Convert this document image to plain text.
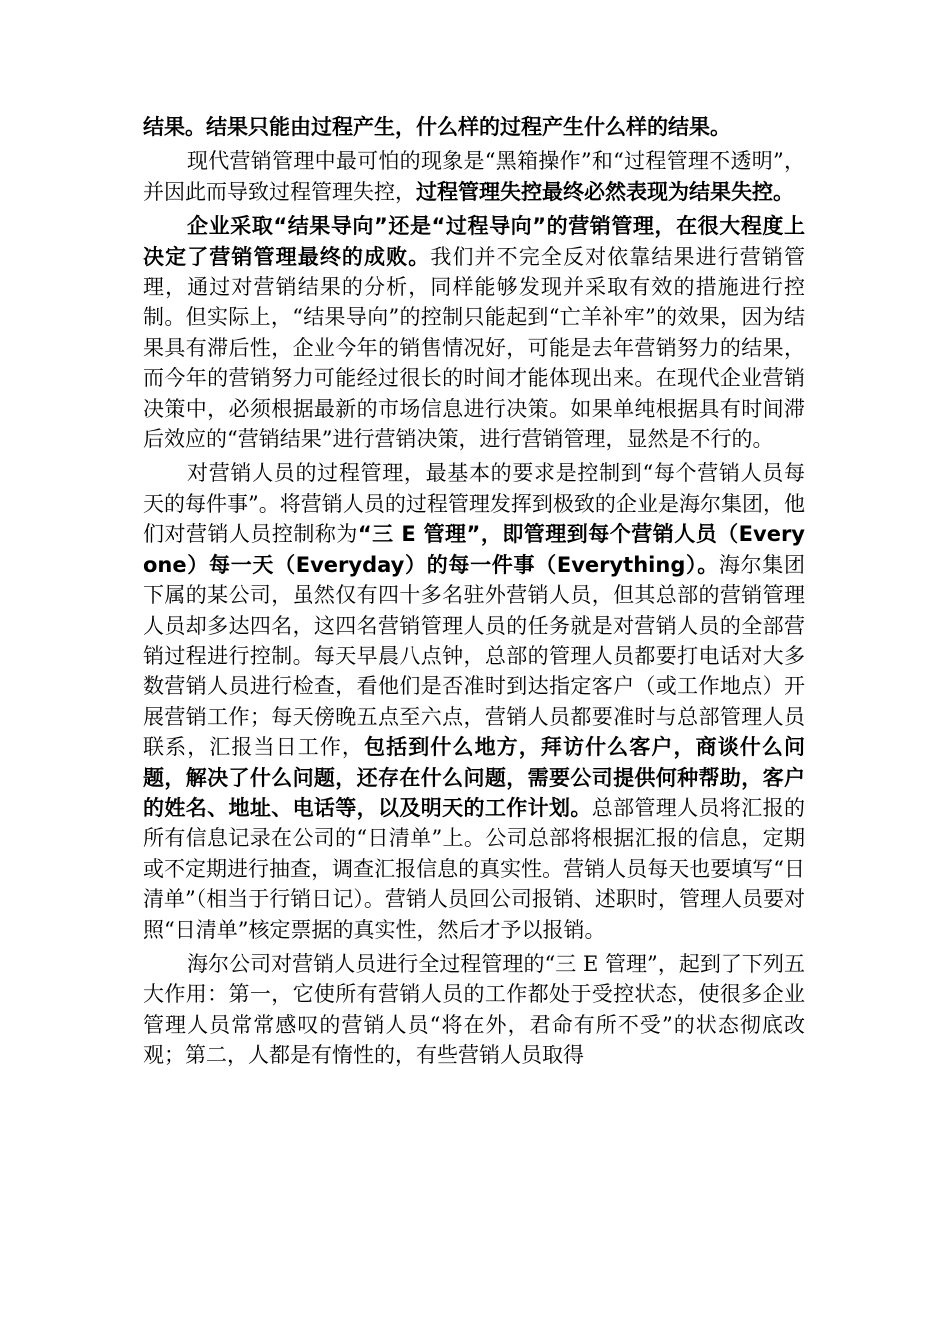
结果。结果只能由过程产生，什么样的过程产生什么样的结果。

现代营销管理中最可怕的现象是“黑箱操作”和“过程管理不透明”，并因此而导致过程管理失控，过程管理失控最终必然表现为结果失控。

企业采取“结果导向”还是“过程导向”的营销管理，在很大程度上决定了营销管理最终的成败。我们并不完全反对依靠结果进行营销管理，通过对营销结果的分析，同样能够发现并采取有效的措施进行控制。但实际上，“结果导向”的控制只能起到“亡羊补牢”的效果，因为结果具有滞后性，企业今年的销售情况好，可能是去年营销努力的结果，而今年的营销努力可能经过很长的时间才能体现出来。在现代企业营销决策中，必须根据最新的市场信息进行决策。如果单纯根据具有时间滞后效应的“营销结果”进行营销决策，进行营销管理，显然是不行的。

对营销人员的过程管理，最基本的要求是控制到“每个营销人员每天的每件事”。将营销人员的过程管理发挥到极致的企业是海尔集团，他们对营销人员控制称为“三 E 管理”，即管理到每个营销人员（Everyone）每一天（Everyday）的每一件事（Everything）。海尔集团下属的某公司，虽然仅有四十多名驻外营销人员，但其总部的营销管理人员却多达四名，这四名营销管理人员的任务就是对营销人员的全部营销过程进行控制。每天早晨八点钟，总部的管理人员都要打电话对大多数营销人员进行检查，看他们是否准时到达指定客户（或工作地点）开展营销工作；每天傍晚五点至六点，营销人员都要准时与总部管理人员联系，汇报当日工作，包括到什么地方，拜访什么客户，商谈什么问题，解决了什么问题，还存在什么问题，需要公司提供何种帮助，客户的姓名、地址、电话等，以及明天的工作计划。总部管理人员将汇报的所有信息记录在公司的“日清单”上。公司总部将根据汇报的信息，定期或不定期进行抽查，调查汇报信息的真实性。营销人员每天也要填写“日清单”（相当于行销日记）。营销人员回公司报销、述职时，管理人员要对照“日清单”核定票据的真实性，然后才予以报销。

海尔公司对营销人员进行全过程管理的“三 E 管理”，起到了下列五大作用：第一，它使所有营销人员的工作都处于受控状态，使很多企业管理人员常常感叹的营销人员“将在外，君命有所不受”的状态彻底改观；第二，人都是有惰性的，有些营销人员取得
